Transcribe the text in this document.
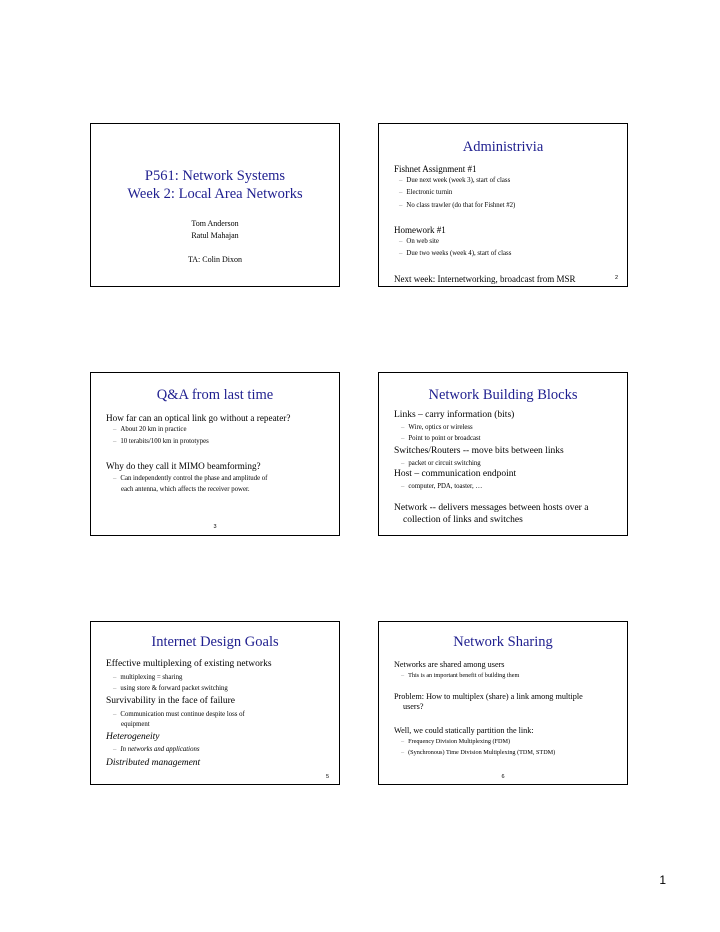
P561: Network Systems
Week 2: Local Area Networks
Tom Anderson
Ratul Mahajan
TA: Colin Dixon
Administrivia
Fishnet Assignment #1
– Due next week (week 3), start of class
– Electronic turnin
– No class trawler (do that for Fishnet #2)
Homework #1
– On web site
– Due two weeks (week 4), start of class
Next week: Internetworking, broadcast from MSR	2
Q&A from last time
How far can an optical link go without a repeater?
– About 20 km in practice
– 10 terabits/100 km in prototypes
Why do they call it MIMO beamforming?
– Can independently control the phase and amplitude of
each antenna, which affects the receiver power.
3
Network Building Blocks
Links – carry information (bits)
– Wire, optics or wireless
– Point to point or broadcast
Switches/Routers -- move bits between links
– packet or circuit switching
Host – communication endpoint
– computer, PDA, toaster, …
Network -- delivers messages between hosts over a
collection of links and switches
Internet Design Goals
Effective multiplexing of existing networks
– multiplexing = sharing
– using store & forward packet switching
Survivability in the face of failure
– Communication must continue despite loss of
equipment
Heterogeneity
– In networks and applications
Distributed management
5
Network Sharing
Networks are shared among users
– This is an important benefit of building them
Problem: How to multiplex (share) a link among multiple
users?
Well, we could statically partition the link:
– Frequency Division Multiplexing (FDM)
– (Synchronous) Time Division Multiplexing (TDM, STDM)
6
1
